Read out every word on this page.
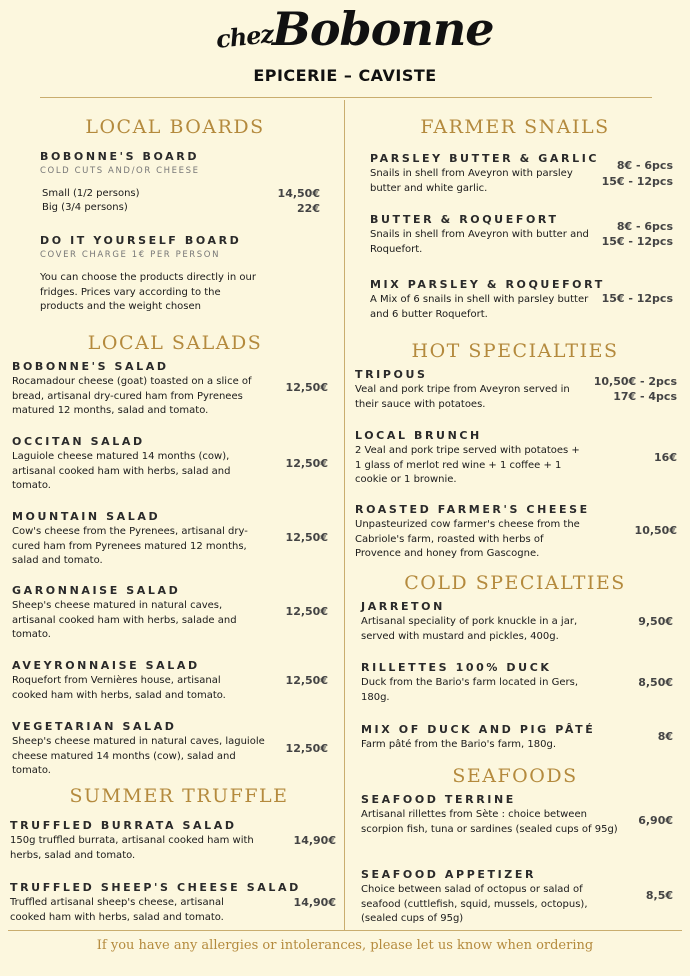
chez
Bobonne
EPICERIE – CAVISTE
LOCAL BOARDS
BOBONNE'S BOARD
COLD CUTS AND/OR CHEESE
Small (1/2 persons)	14,50€
Big (3/4 persons)	22€
DO IT YOURSELF BOARD
COVER CHARGE 1€ PER PERSON
You can choose the products directly in our fridges. Prices vary according to the products and the weight chosen
LOCAL SALADS
BOBONNE'S SALAD
Rocamadour cheese (goat) toasted on a slice of bread, artisanal dry-cured ham from Pyrenees matured 12 months, salad and tomato.
12,50€
OCCITAN SALAD
Laguiole cheese matured 14 months (cow), artisanal cooked ham with herbs, salad and tomato.
12,50€
MOUNTAIN SALAD
Cow's cheese from the Pyrenees, artisanal dry-cured ham from Pyrenees matured 12 months, salad and tomato.
12,50€
GARONNAISE SALAD
Sheep's cheese matured in natural caves, artisanal cooked ham with herbs, salade and tomato.
12,50€
AVEYRONNAISE SALAD
Roquefort from Vernières house, artisanal cooked ham with herbs, salad and tomato.
12,50€
VEGETARIAN SALAD
Sheep's cheese matured in natural caves, laguiole cheese matured 14 months (cow), salad and tomato.
12,50€
SUMMER TRUFFLE
TRUFFLED BURRATA SALAD
150g truffled burrata, artisanal cooked ham with herbs, salad and tomato.
14,90€
TRUFFLED SHEEP'S CHEESE SALAD
Truffled artisanal sheep's cheese, artisanal cooked ham with herbs, salad and tomato.
14,90€
FARMER SNAILS
PARSLEY BUTTER & GARLIC
Snails in shell from Aveyron with parsley butter and white garlic.
8€ - 6pcs
15€ - 12pcs
BUTTER & ROQUEFORT
Snails in shell from Aveyron with butter and Roquefort.
8€ - 6pcs
15€ - 12pcs
MIX PARSLEY & ROQUEFORT
A Mix of 6 snails in shell with parsley butter and 6 butter Roquefort.
15€ - 12pcs
HOT SPECIALTIES
TRIPOUS
Veal and pork tripe from Aveyron served in their sauce with potatoes.
10,50€ - 2pcs
17€ - 4pcs
LOCAL BRUNCH
2 Veal and pork tripe served with potatoes + 1 glass of merlot red wine + 1 coffee + 1 cookie or 1 brownie.
16€
ROASTED FARMER'S CHEESE
Unpasteurized cow farmer's cheese from the Cabriole's farm, roasted with herbs of Provence and honey from Gascogne.
10,50€
COLD SPECIALTIES
JARRETON
Artisanal speciality of pork knuckle in a jar, served with mustard and pickles, 400g.
9,50€
RILLETTES 100% DUCK
Duck from the Bario's farm located in Gers, 180g.
8,50€
MIX OF DUCK AND PIG PÂTÉ
Farm pâté from the Bario's farm, 180g.
8€
SEAFOODS
SEAFOOD TERRINE
Artisanal rillettes from Sète : choice between scorpion fish, tuna or sardines (sealed cups of 95g)
6,90€
SEAFOOD APPETIZER
Choice between salad of octopus or salad of seafood (cuttlefish, squid, mussels, octopus), (sealed cups of 95g)
8,5€
If you have any allergies or intolerances, please let us know when ordering
